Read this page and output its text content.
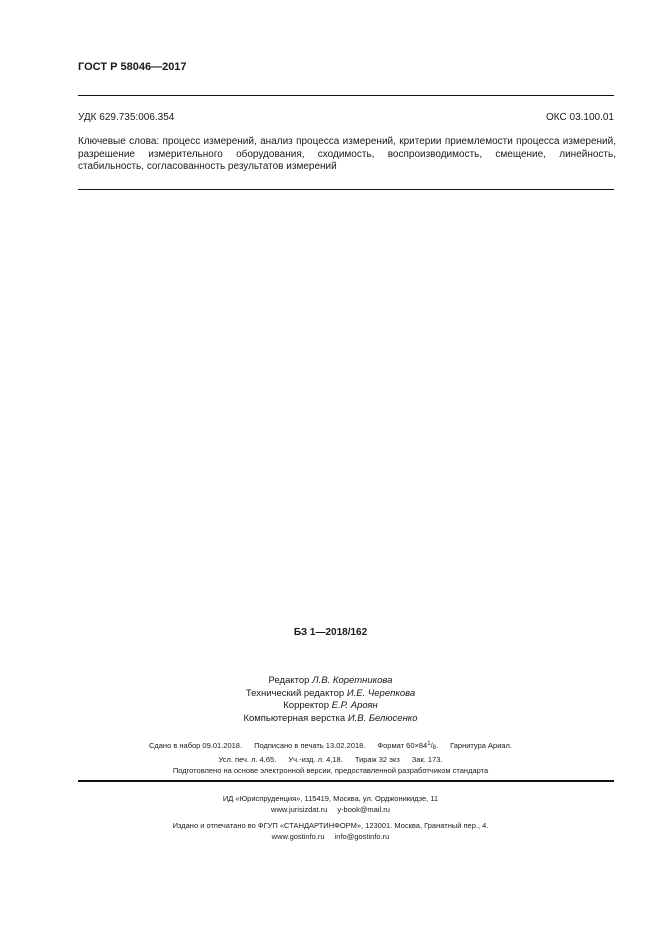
ГОСТ Р 58046—2017
УДК 629.735:006.354	ОКС 03.100.01
Ключевые слова: процесс измерений, анализ процесса измерений, критерии приемлемости процесса измерений, разрешение измерительного оборудования, сходимость, воспроизводимость, смещение, линейность, стабильность, согласованность результатов измерений
БЗ 1—2018/162
Редактор Л.В. Коретникова
Технический редактор И.Е. Черепкова
Корректор Е.Р. Ароян
Компьютерная верстка И.В. Белюсенко
Сдано в набор 09.01.2018. Подписано в печать 13.02.2018. Формат $60\times 84^1/_8$. Гарнитура Ариал.
Усл. печ. л. 4,65. Уч.-изд. л. 4,18. Тираж 32 экз Зак. 173.
Подготовлено на основе электронной версии, предоставленной разработчиком стандарта
ИД «Юриспруденция», 115419, Москва, ул. Орджоникидзе, 11
www.jurisizdat.ru y-book@mail.ru
Издано и отпечатано во ФГУП «СТАНДАРТИНФОРМ», 123001. Москва, Гранатный пер., 4.
www.gostinfo.ru info@gostinfo.ru
